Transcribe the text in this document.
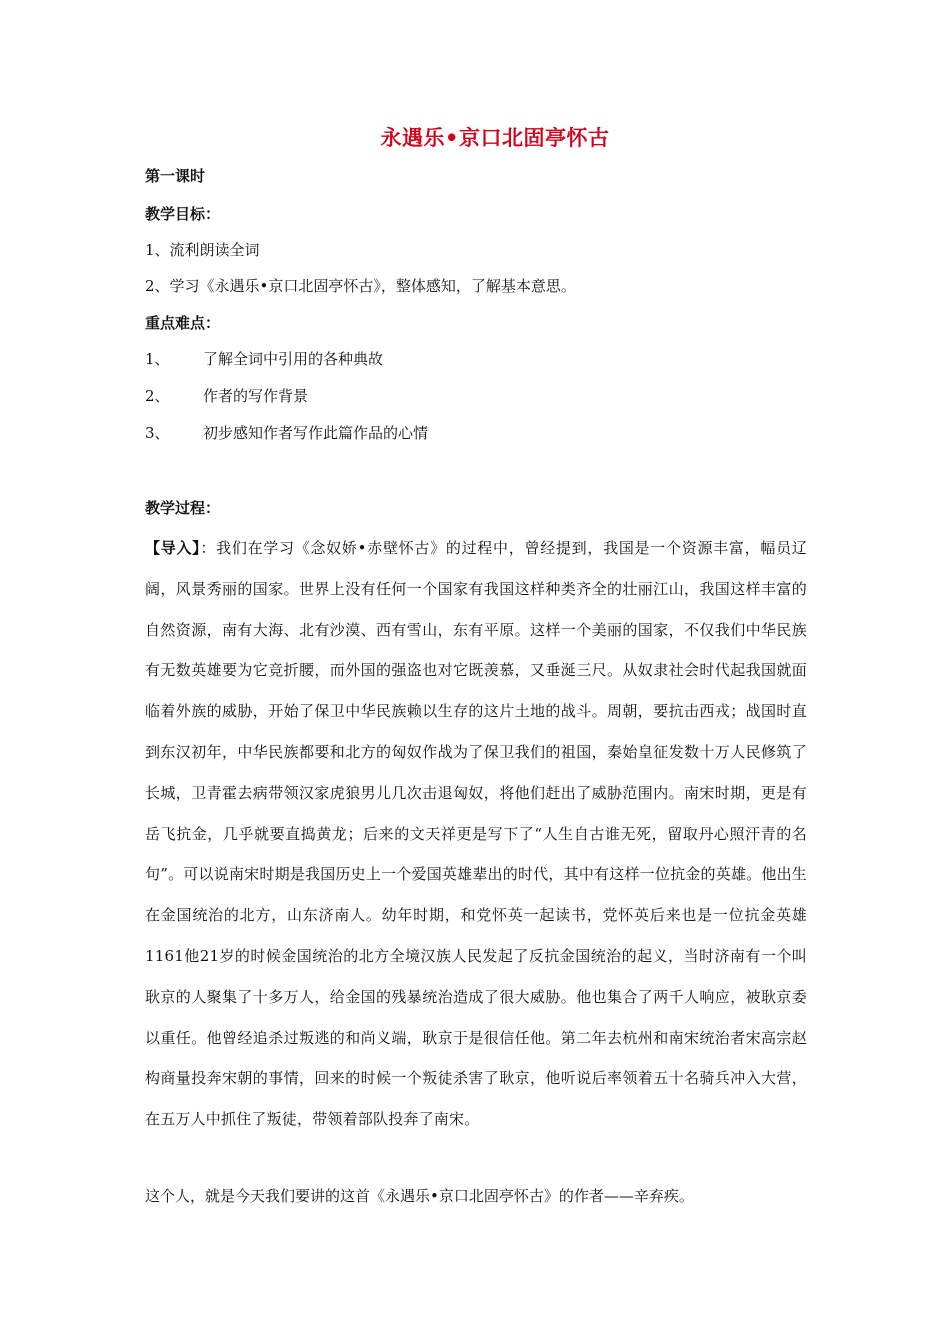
永遇乐•京口北固亭怀古
第一课时
教学目标：
1、流利朗读全词
2、学习《永遇乐•京口北固亭怀古》，整体感知，了解基本意思。
重点难点：
1、 了解全词中引用的各种典故
2、 作者的写作背景
3、 初步感知作者写作此篇作品的心情
教学过程：
【导入】：我们在学习《念奴娇•赤壁怀古》的过程中，曾经提到，我国是一个资源丰富，幅员辽阔，风景秀丽的国家。世界上没有任何一个国家有我国这样种类齐全的壮丽江山，我国这样丰富的自然资源，南有大海、北有沙漠、西有雪山，东有平原。这样一个美丽的国家，不仅我们中华民族有无数英雄要为它竞折腰，而外国的强盗也对它既羡慕，又垂涎三尺。从奴隶社会时代起我国就面临着外族的威胁，开始了保卫中华民族赖以生存的这片土地的战斗。周朝，要抗击西戎；战国时直到东汉初年，中华民族都要和北方的匈奴作战为了保卫我们的祖国，秦始皇征发数十万人民修筑了长城，卫青霍去病带领汉家虎狼男儿几次击退匈奴，将他们赶出了威胁范围内。南宋时期，更是有岳飞抗金，几乎就要直捣黄龙；后来的文天祥更是写下了“人生自古谁无死，留取丹心照汗青的名句”。可以说南宋时期是我国历史上一个爱国英雄辈出的时代，其中有这样一位抗金的英雄。他出生在金国统治的北方，山东济南人。幼年时期，和党怀英一起读书，党怀英后来也是一位抗金英雄1161他21岁的时候金国统治的北方全境汉族人民发起了反抗金国统治的起义，当时济南有一个叫耿京的人聚集了十多万人，给金国的残暴统治造成了很大威胁。他也集合了两千人响应，被耿京委以重任。他曾经追杀过叛逃的和尚义端，耿京于是很信任他。第二年去杭州和南宋统治者宋高宗赵构商量投奔宋朝的事情，回来的时候一个叛徒杀害了耿京，他听说后率领着五十名骑兵冲入大营，在五万人中抓住了叛徒，带领着部队投奔了南宋。
这个人，就是今天我们要讲的这首《永遇乐•京口北固亭怀古》的作者——辛弃疾。
